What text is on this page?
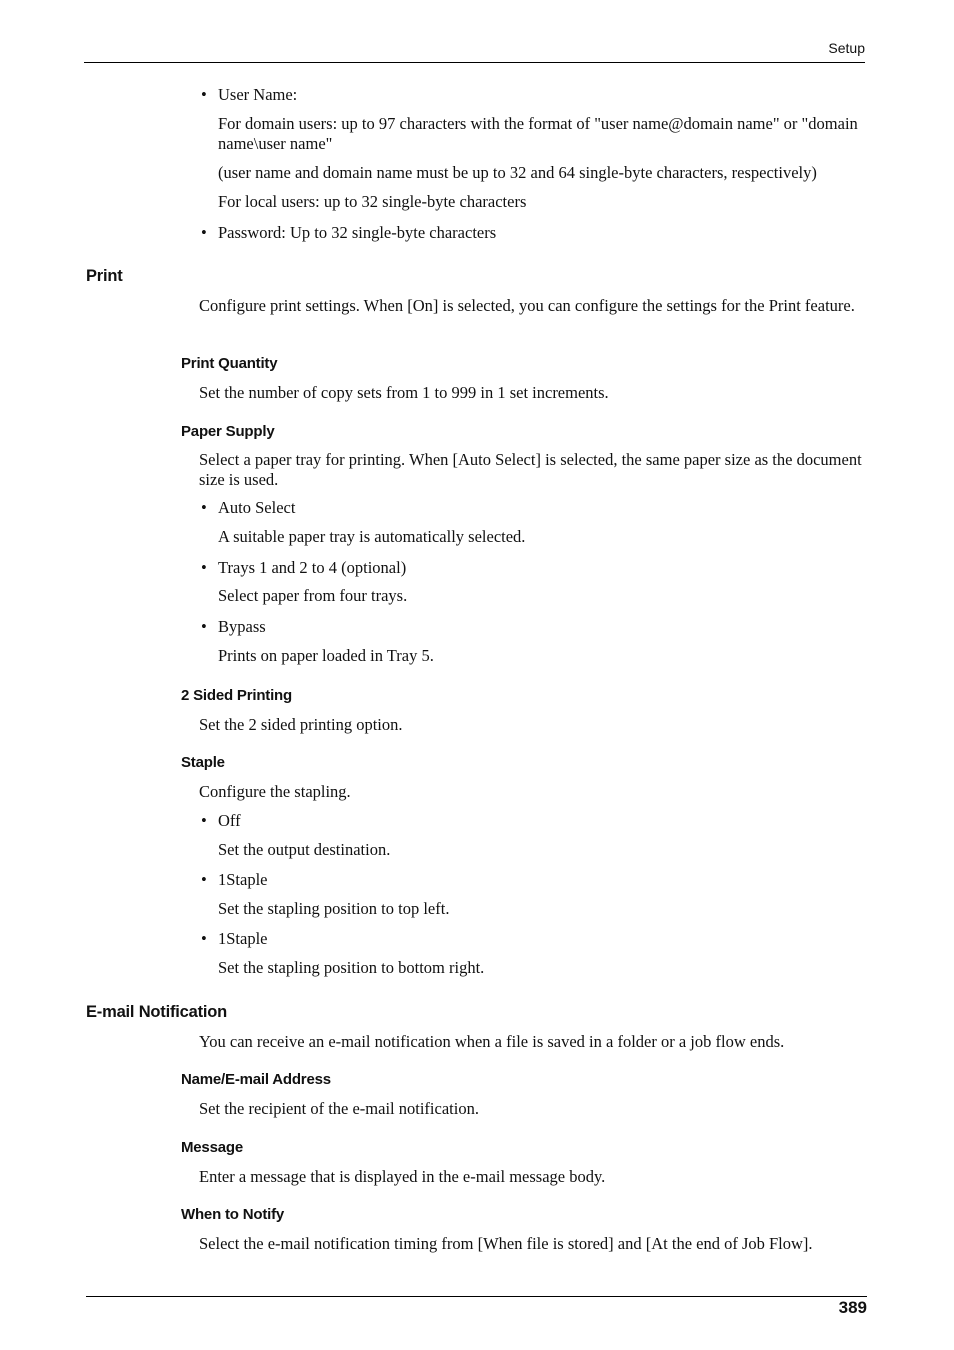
Setup

• User Name:

For domain users: up to 97 characters with the format of "user name@domain name" or "domain name\user name"

(user name and domain name must be up to 32 and 64 single-byte characters, respectively)

For local users: up to 32 single-byte characters

• Password: Up to 32 single-byte characters

Print

Configure print settings. When [On] is selected, you can configure the settings for the Print feature.

Print Quantity

Set the number of copy sets from 1 to 999 in 1 set increments.

Paper Supply

Select a paper tray for printing. When [Auto Select] is selected, the same paper size as the document size is used.

• Auto Select

A suitable paper tray is automatically selected.

• Trays 1 and 2 to 4 (optional)

Select paper from four trays.

• Bypass

Prints on paper loaded in Tray 5.

2 Sided Printing

Set the 2 sided printing option.

Staple

Configure the stapling.

• Off

Set the output destination.

• 1Staple

Set the stapling position to top left.

• 1Staple

Set the stapling position to bottom right.

E-mail Notification

You can receive an e-mail notification when a file is saved in a folder or a job flow ends.

Name/E-mail Address

Set the recipient of the e-mail notification.

Message

Enter a message that is displayed in the e-mail message body.

When to Notify

Select the e-mail notification timing from [When file is stored] and [At the end of Job Flow].

389
